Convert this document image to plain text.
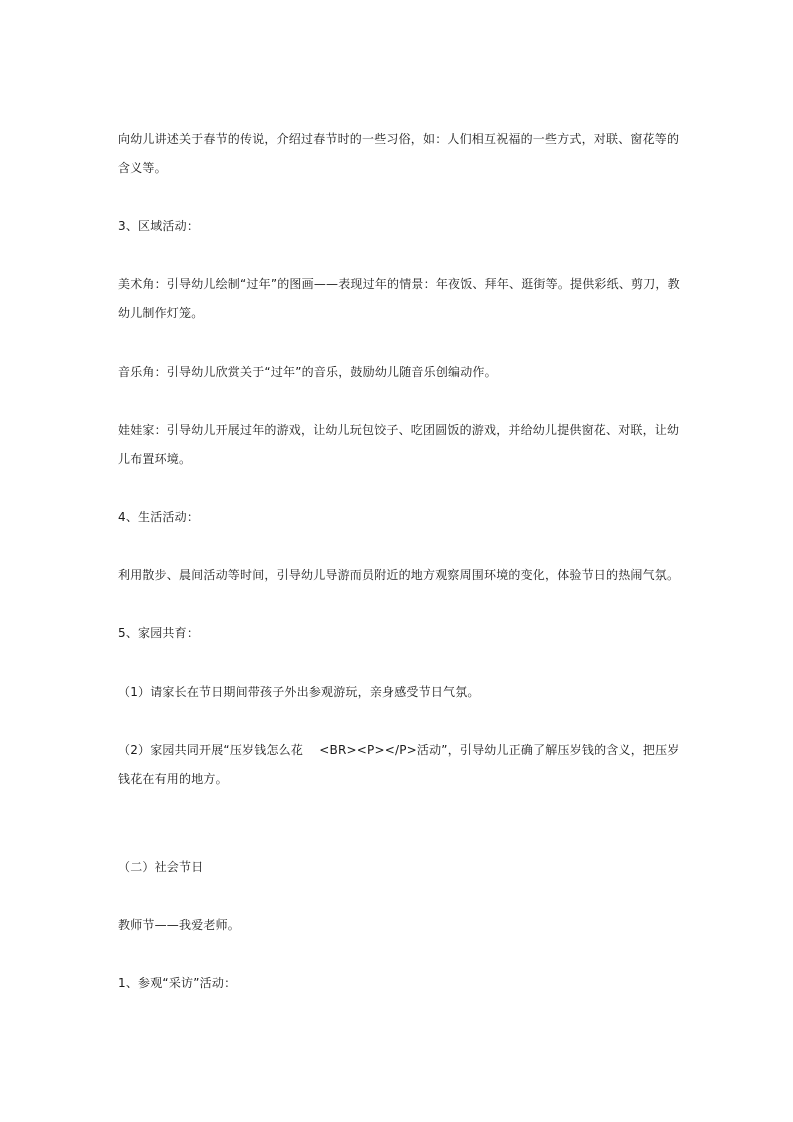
向幼儿讲述关于春节的传说，介绍过春节时的一些习俗，如：人们相互祝福的一些方式，对联、窗花等的
含义等。
3、区域活动：
美术角：引导幼儿绘制“过年”的图画——表现过年的情景：年夜饭、拜年、逛街等。提供彩纸、剪刀，教
幼儿制作灯笼。
音乐角：引导幼儿欣赏关于“过年”的音乐，鼓励幼儿随音乐创编动作。
娃娃家：引导幼儿开展过年的游戏，让幼儿玩包饺子、吃团圆饭的游戏，并给幼儿提供窗花、对联，让幼
儿布置环境。
4、生活活动：
利用散步、晨间活动等时间，引导幼儿导游而员附近的地方观察周围环境的变化，体验节日的热闹气氛。
5、家园共育：
（1）请家长在节日期间带孩子外出参观游玩，亲身感受节日气氛。
（2）家园共同开展“压岁钱怎么花　 <BR><P></P>活动”，引导幼儿正确了解压岁钱的含义，把压岁
钱花在有用的地方。
（二）社会节日
教师节——我爱老师。
1、参观“采访”活动：
